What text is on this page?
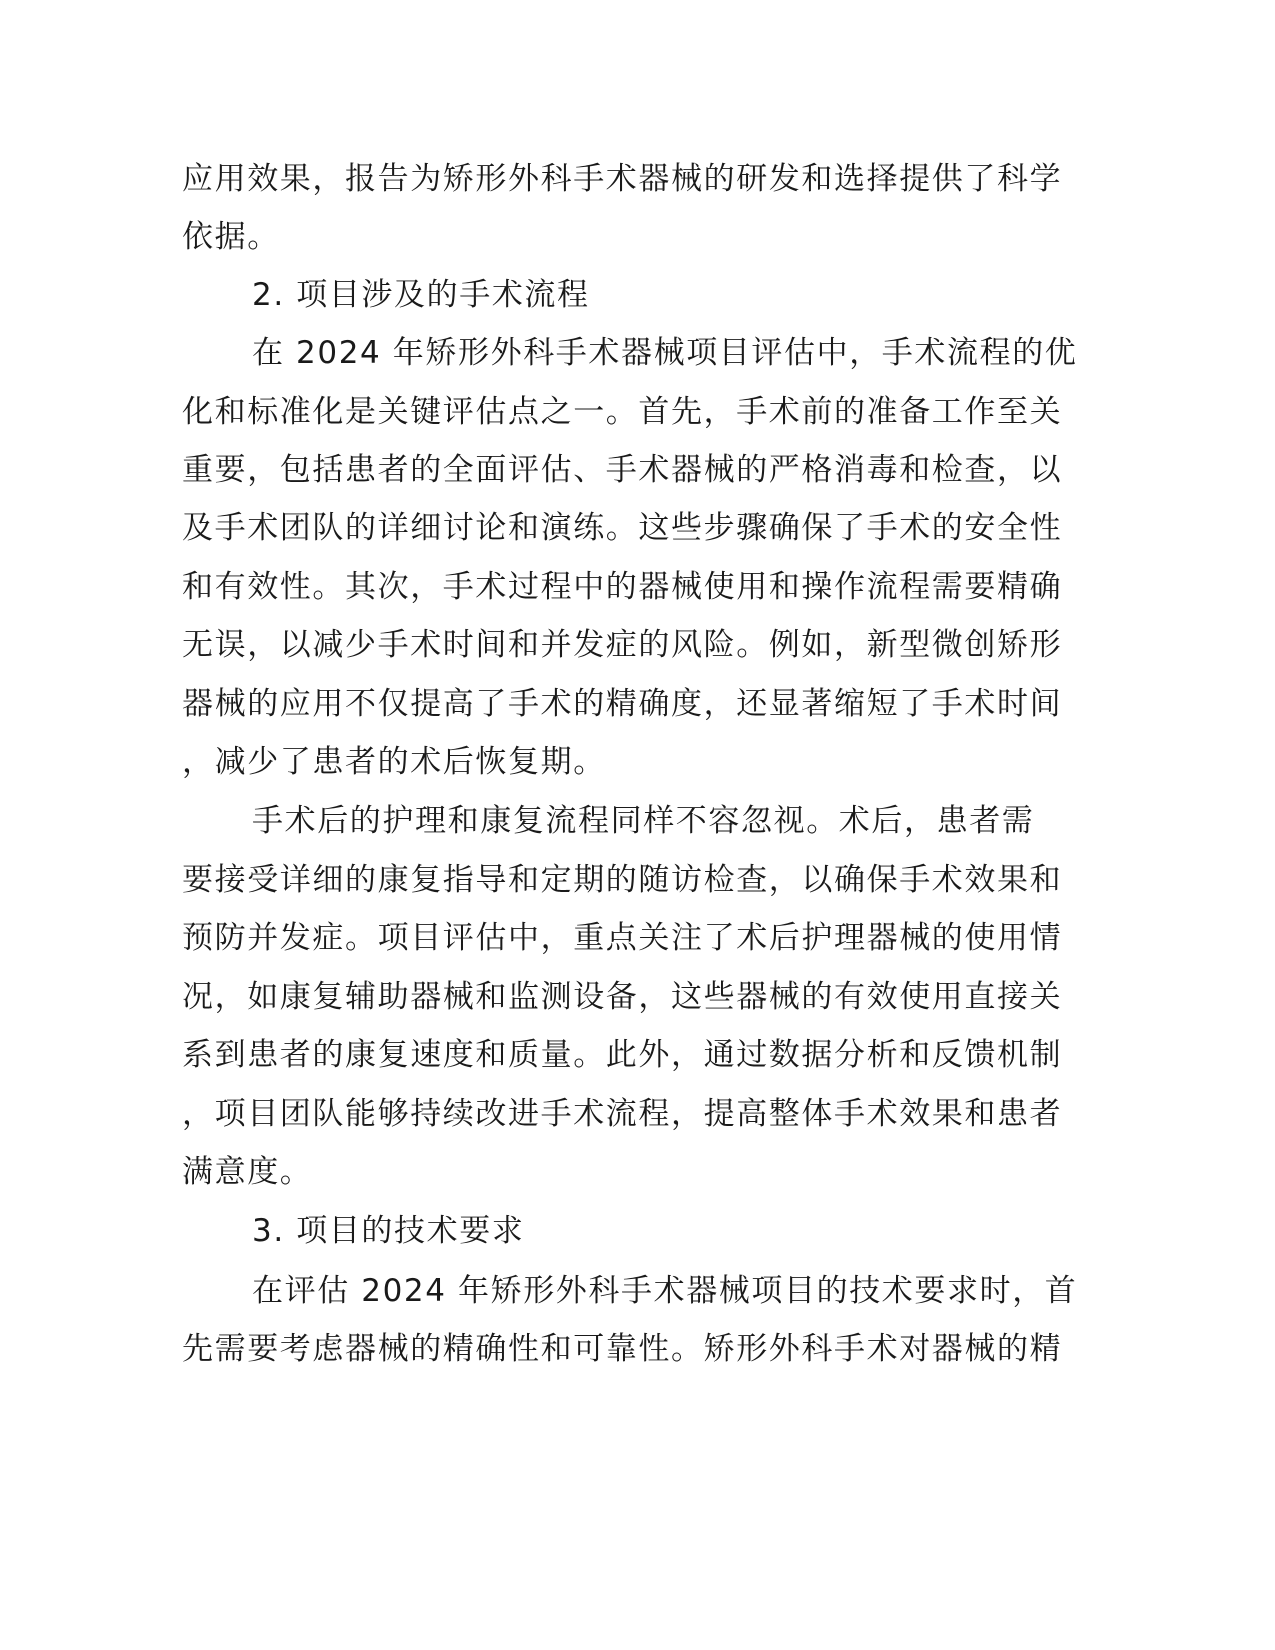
应用效果，报告为矫形外科手术器械的研发和选择提供了科学
依据。
2. 项目涉及的手术流程
在 2024 年矫形外科手术器械项目评估中，手术流程的优
化和标准化是关键评估点之一。首先，手术前的准备工作至关
重要，包括患者的全面评估、手术器械的严格消毒和检查，以
及手术团队的详细讨论和演练。这些步骤确保了手术的安全性
和有效性。其次，手术过程中的器械使用和操作流程需要精确
无误，以减少手术时间和并发症的风险。例如，新型微创矫形
器械的应用不仅提高了手术的精确度，还显著缩短了手术时间
，减少了患者的术后恢复期。
手术后的护理和康复流程同样不容忽视。术后，患者需
要接受详细的康复指导和定期的随访检查，以确保手术效果和
预防并发症。项目评估中，重点关注了术后护理器械的使用情
况，如康复辅助器械和监测设备，这些器械的有效使用直接关
系到患者的康复速度和质量。此外，通过数据分析和反馈机制
，项目团队能够持续改进手术流程，提高整体手术效果和患者
满意度。
3. 项目的技术要求
在评估 2024 年矫形外科手术器械项目的技术要求时，首
先需要考虑器械的精确性和可靠性。矫形外科手术对器械的精
